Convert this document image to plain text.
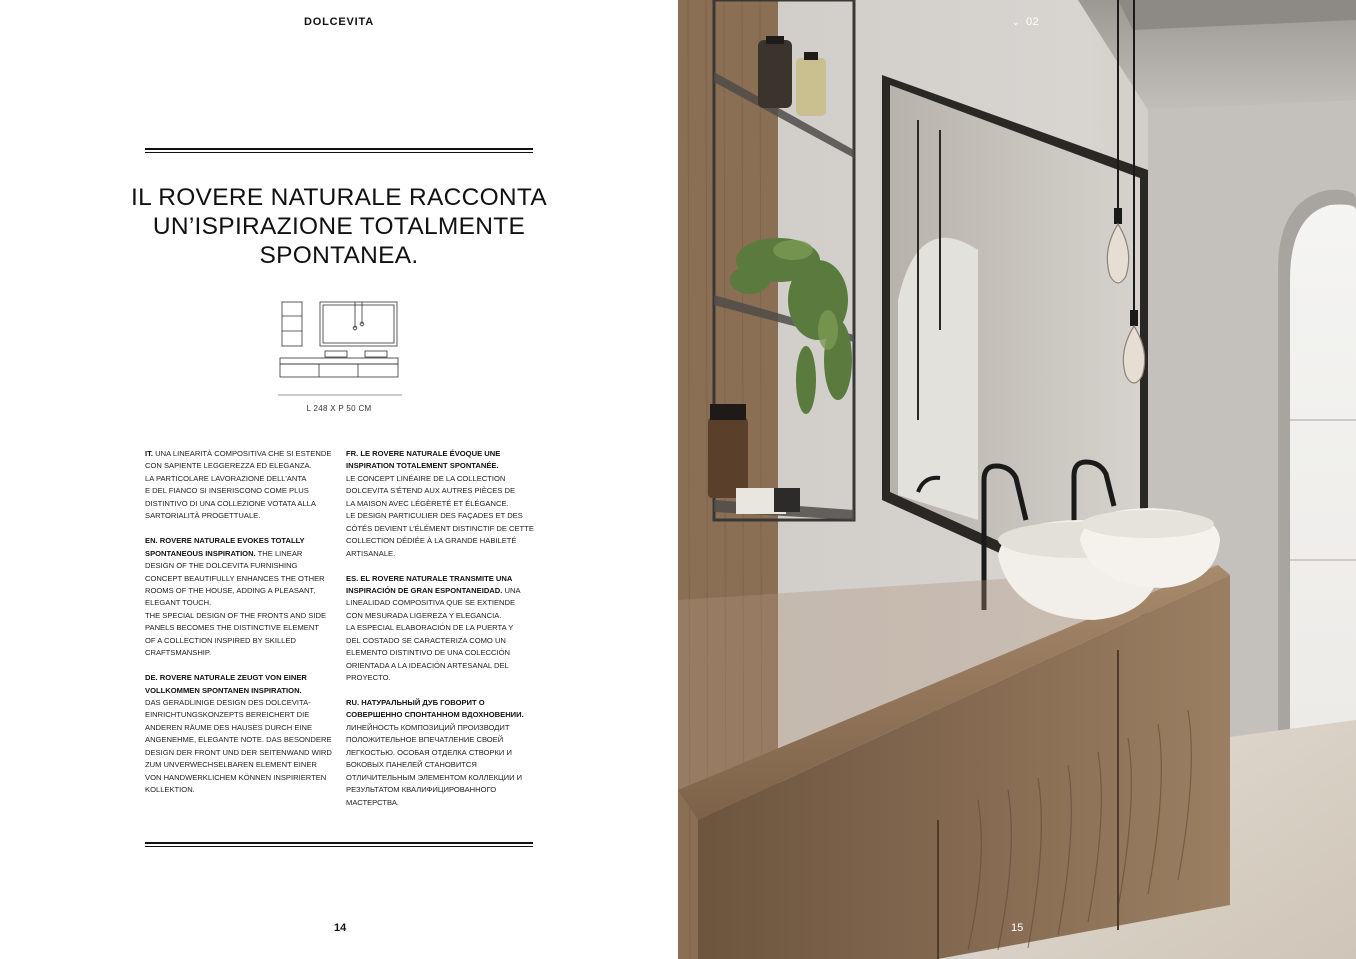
DOLCEVITA
IL ROVERE NATURALE RACCONTA
UN’ISPIRAZIONE TOTALMENTE
SPONTANEA.
L 248 X P 50 CM

IT. UNA LINEARITÀ COMPOSITIVA CHE SI ESTENDE
CON SAPIENTE LEGGEREZZA ED ELEGANZA.
LA PARTICOLARE LAVORAZIONE DELL’ANTA
E DEL FIANCO SI INSERISCONO COME PLUS
DISTINTIVO DI UNA COLLEZIONE VOTATA ALLA
SARTORIALITÀ PROGETTUALE.

EN. ROVERE NATURALE EVOKES TOTALLY
SPONTANEOUS INSPIRATION. THE LINEAR
DESIGN OF THE DOLCEVITA FURNISHING
CONCEPT BEAUTIFULLY ENHANCES THE OTHER
ROOMS OF THE HOUSE, ADDING A PLEASANT,
ELEGANT TOUCH.
THE SPECIAL DESIGN OF THE FRONTS AND SIDE
PANELS BECOMES THE DISTINCTIVE ELEMENT
OF A COLLECTION INSPIRED BY SKILLED
CRAFTSMANSHIP.

DE. ROVERE NATURALE ZEUGT VON EINER
VOLLKOMMEN SPONTANEN INSPIRATION.
DAS GERADLINIGE DESIGN DES DOLCEVITA-
EINRICHTUNGSKONZEPTS BEREICHERT DIE
ANDEREN RÄUME DES HAUSES DURCH EINE
ANGENEHME, ELEGANTE NOTE. DAS BESONDERE
DESIGN DER FRONT UND DER SEITENWAND WIRD
ZUM UNVERWECHSELBAREN ELEMENT EINER
VON HANDWERKLICHEM KÖNNEN INSPIRIERTEN
KOLLEKTION.

FR. LE ROVERE NATURALE ÉVOQUE UNE
INSPIRATION TOTALEMENT SPONTANÉE.
LE CONCEPT LINÉAIRE DE LA COLLECTION
DOLCEVITA S’ÉTEND AUX AUTRES PIÈCES DE
LA MAISON AVEC LÉGÈRETÉ ET ÉLÉGANCE.
LE DESIGN PARTICULIER DES FAÇADES ET DES
CÔTÉS DEVIENT L’ÉLÉMENT DISTINCTIF DE CETTE
COLLECTION DÉDIÉE À LA GRANDE HABILETÉ
ARTISANALE.

ES. EL ROVERE NATURALE TRANSMITE UNA
INSPIRACIÓN DE GRAN ESPONTANEIDAD. UNA
LINEALIDAD COMPOSITIVA QUE SE EXTIENDE
CON MESURADA LIGEREZA Y ELEGANCIA.
LA ESPECIAL ELABORACIÓN DE LA PUERTA Y
DEL COSTADO SE CARACTERIZA COMO UN
ELEMENTO DISTINTIVO DE UNA COLECCIÓN
ORIENTADA A LA IDEACIÓN ARTESANAL DEL
PROYECTO.

RU. НАТУРАЛЬНЫЙ ДУБ ГОВОРИТ О
СОВЕРШЕННО СПОНТАННОМ ВДОХНОВЕНИИ.
ЛИНЕЙНОСТЬ КОМПОЗИЦИЙ ПРОИЗВОДИТ
ПОЛОЖИТЕЛЬНОЕ ВПЕЧАТЛЕНИЕ СВОЕЙ
ЛЕГКОСТЬЮ. ОСОБАЯ ОТДЕЛКА СТВОРКИ И
БОКОВЫХ ПАНЕЛЕЙ СТАНОВИТСЯ
ОТЛИЧИТЕЛЬНЫМ ЭЛЕМЕНТОМ КОЛЛЕКЦИИ И
РЕЗУЛЬТАТОМ КВАЛИФИЦИРОВАННОГО
МАСТЕРСТВА.

14
⌄ 02
15
